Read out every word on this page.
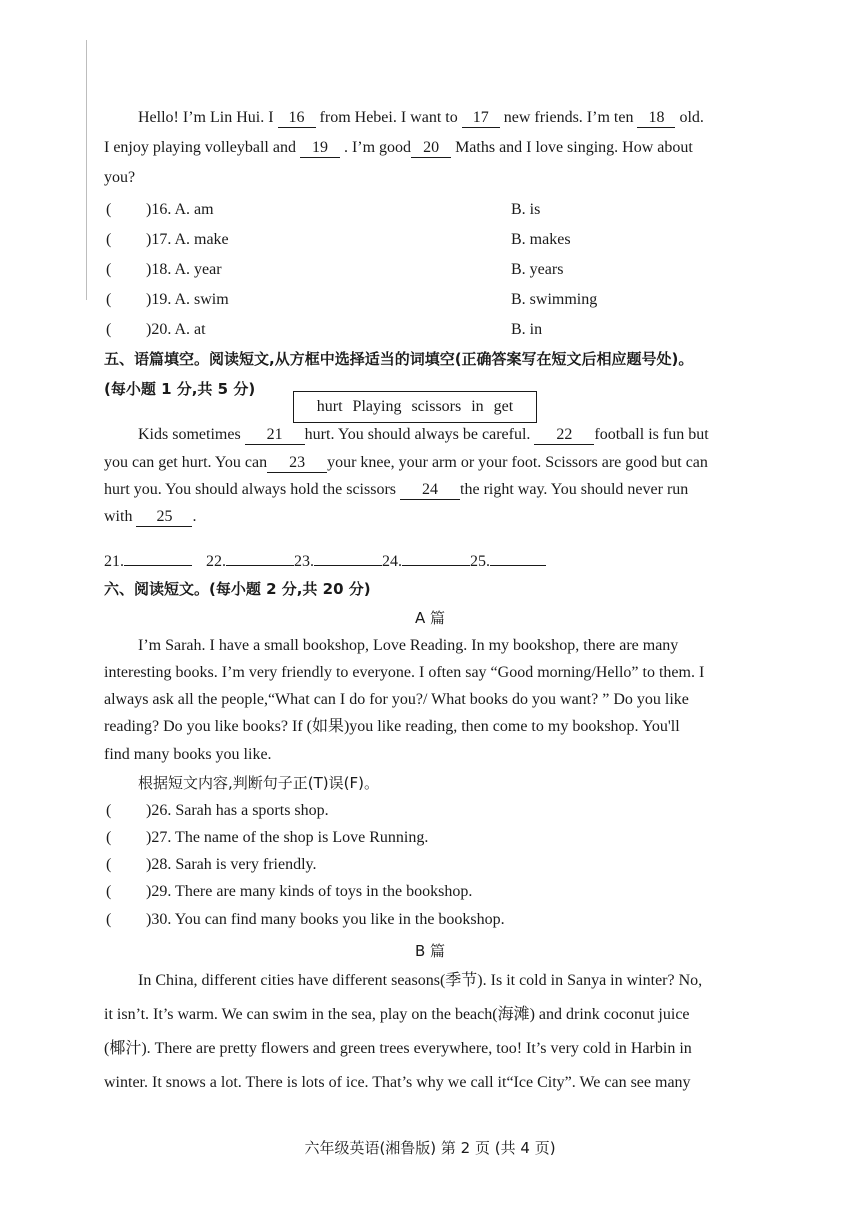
Hello! I’m Lin Hui. I 16 from Hebei. I want to 17 new friends. I’m ten 18 old.
I enjoy playing volleyball and 19 . I’m good 20 Maths and I love singing. How about
you?
( )16. A. am	B. is
( )17. A. make	B. makes
( )18. A. year	B. years
( )19. A. swim	B. swimming
( )20. A. at	B. in
五、语篇填空。阅读短文,从方框中选择适当的词填空(正确答案写在短文后相应题号处)。
(每小题 1 分,共 5 分)
hurt Playing scissors in get
Kids sometimes 21 hurt. You should always be careful. 22 football is fun but
you can get hurt. You can 23 your knee, your arm or your foot. Scissors are good but can
hurt you. You should always hold the scissors 24 the right way. You should never run
with 25 .
21.	22.	23.	24.	25.
六、阅读短文。(每小题 2 分,共 20 分)
A 篇
I’m Sarah. I have a small bookshop, Love Reading. In my bookshop, there are many
interesting books. I’m very friendly to everyone. I often say “Good morning/Hello” to them. I
always ask all the people,“What can I do for you?/ What books do you want? ” Do you like
reading? Do you like books? If (如果)you like reading, then come to my bookshop. You'll
find many books you like.
根据短文内容,判断句子正(T)误(F)。
( )26. Sarah has a sports shop.
( )27. The name of the shop is Love Running.
( )28. Sarah is very friendly.
( )29. There are many kinds of toys in the bookshop.
( )30. You can find many books you like in the bookshop.
B 篇
In China, different cities have different seasons(季节). Is it cold in Sanya in winter? No,
it isn’t. It’s warm. We can swim in the sea, play on the beach(海滩) and drink coconut juice
(椰汁). There are pretty flowers and green trees everywhere, too! It’s very cold in Harbin in
winter. It snows a lot. There is lots of ice. That’s why we call it“Ice City”. We can see many
六年级英语(湘鲁版) 第 2 页 (共 4 页)
